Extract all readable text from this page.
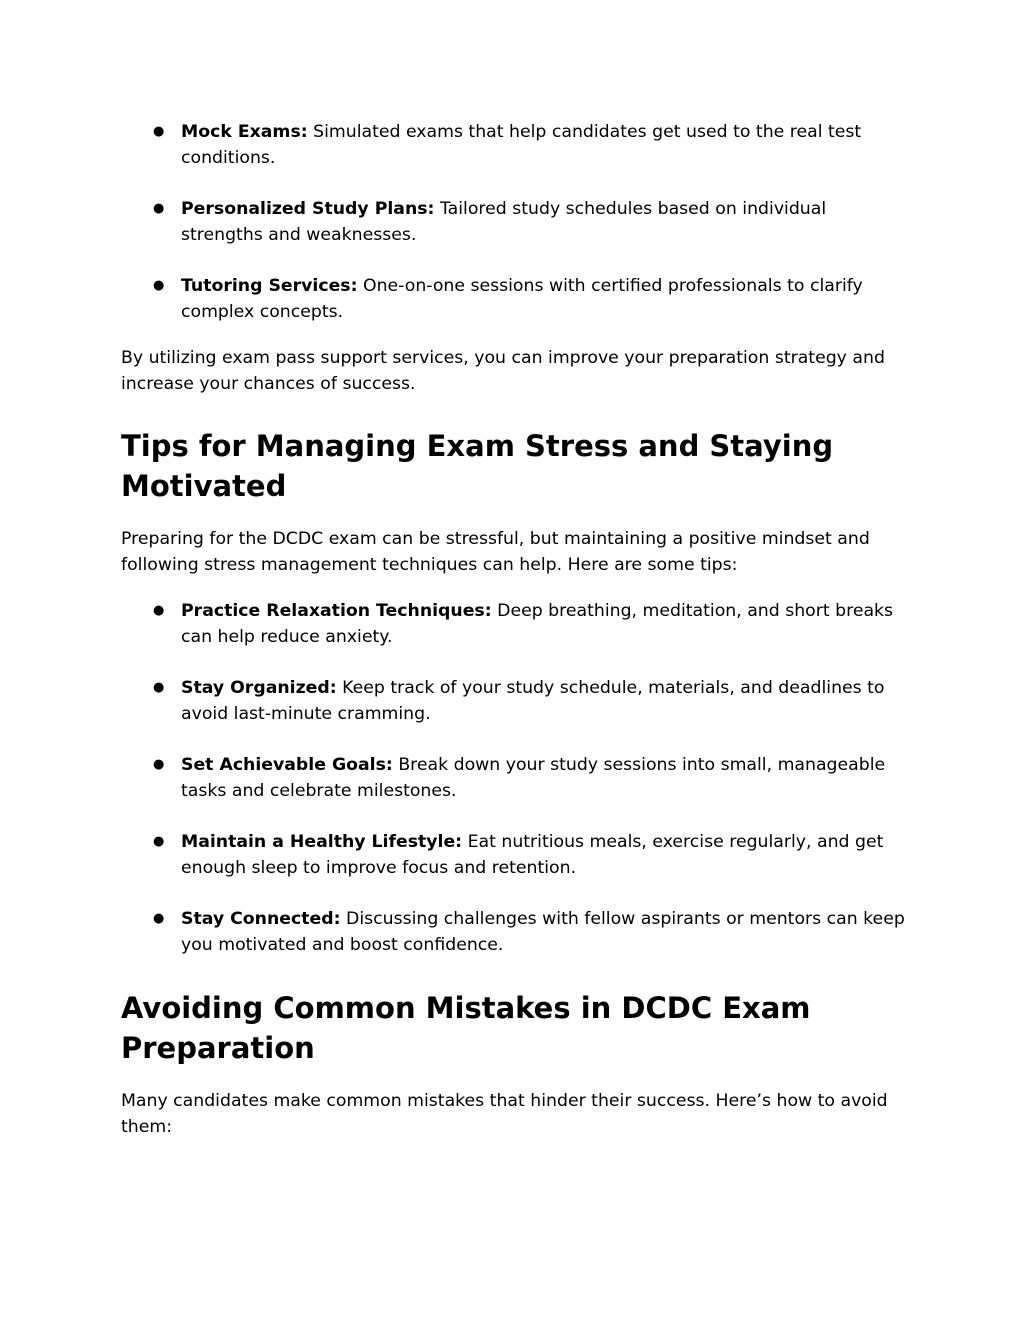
● Mock Exams: Simulated exams that help candidates get used to the real test conditions.
● Personalized Study Plans: Tailored study schedules based on individual strengths and weaknesses.
● Tutoring Services: One-on-one sessions with certified professionals to clarify complex concepts.

By utilizing exam pass support services, you can improve your preparation strategy and increase your chances of success.

Tips for Managing Exam Stress and Staying Motivated

Preparing for the DCDC exam can be stressful, but maintaining a positive mindset and following stress management techniques can help. Here are some tips:

● Practice Relaxation Techniques: Deep breathing, meditation, and short breaks can help reduce anxiety.
● Stay Organized: Keep track of your study schedule, materials, and deadlines to avoid last-minute cramming.
● Set Achievable Goals: Break down your study sessions into small, manageable tasks and celebrate milestones.
● Maintain a Healthy Lifestyle: Eat nutritious meals, exercise regularly, and get enough sleep to improve focus and retention.
● Stay Connected: Discussing challenges with fellow aspirants or mentors can keep you motivated and boost confidence.
Avoiding Common Mistakes in DCDC Exam Preparation

Many candidates make common mistakes that hinder their success. Here’s how to avoid them:
